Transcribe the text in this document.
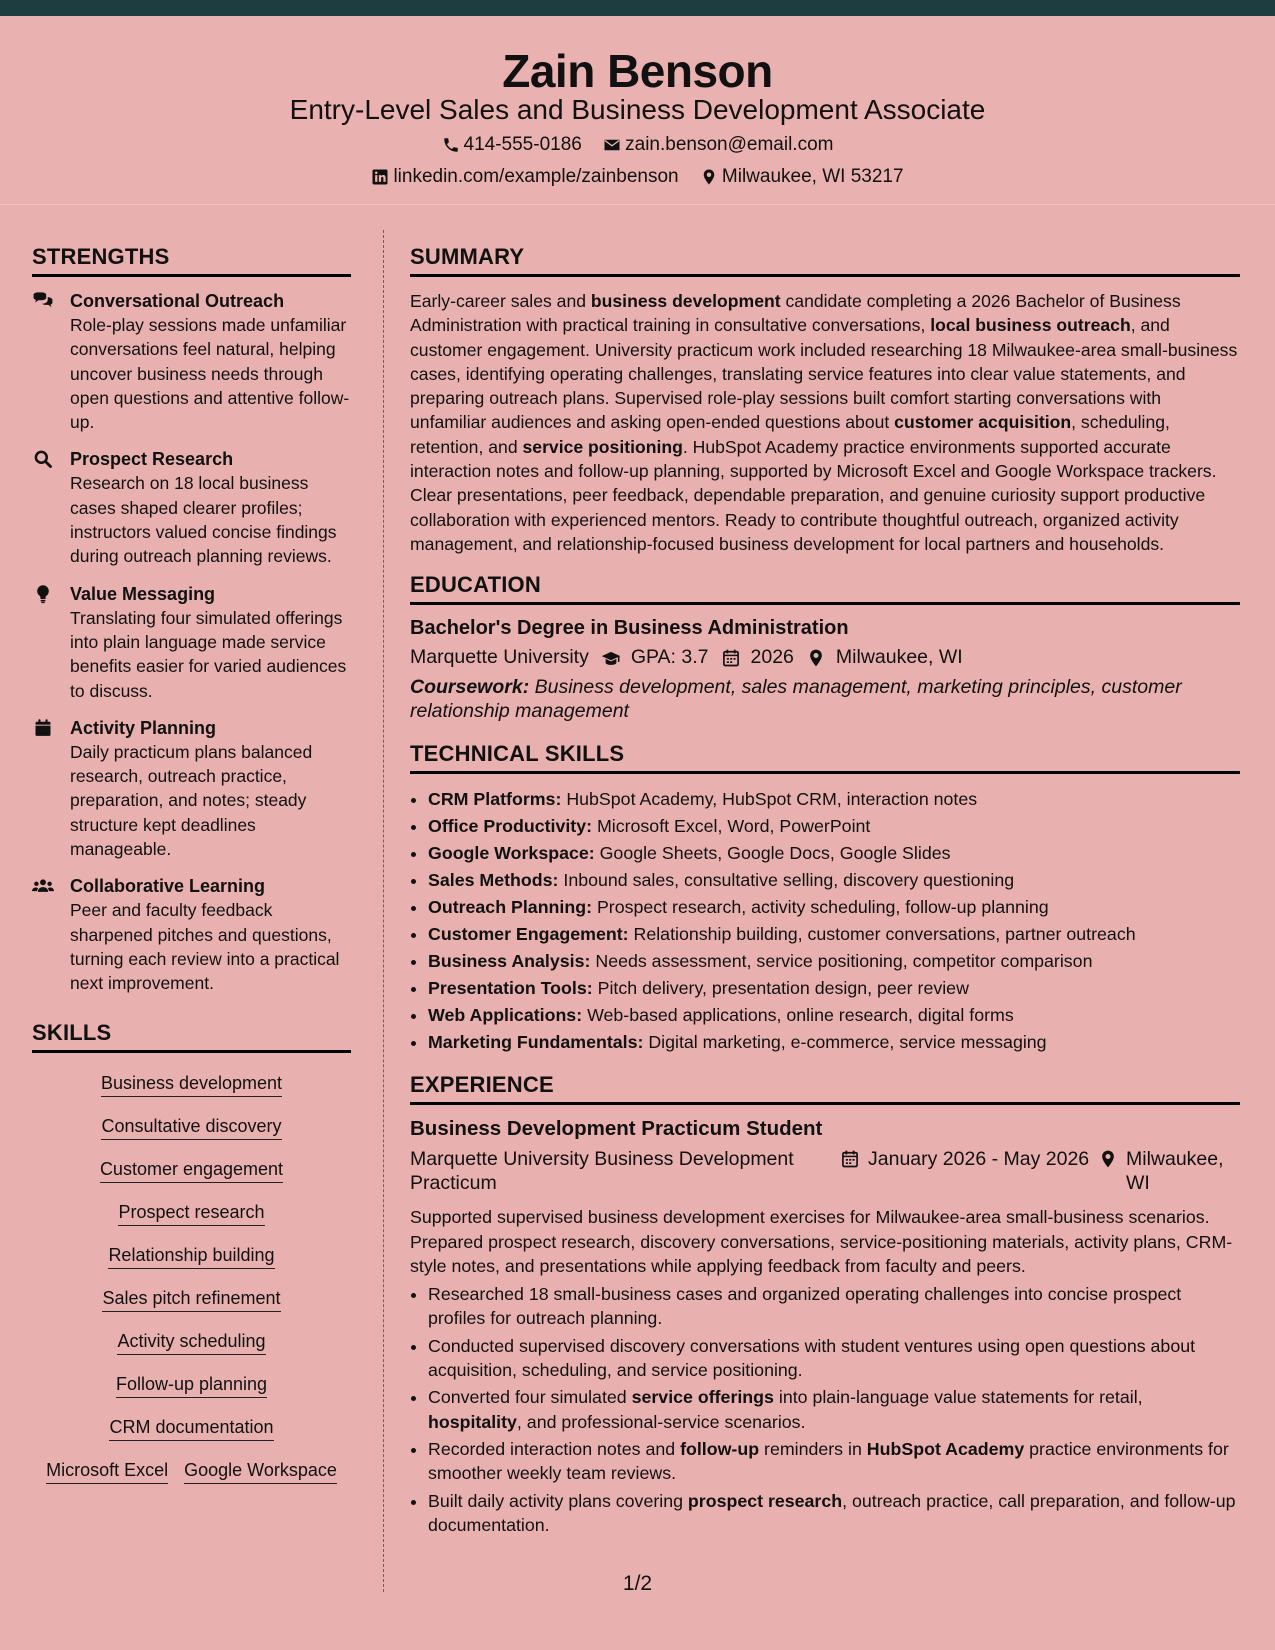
Zain Benson
Entry-Level Sales and Business Development Associate
414-555-0186
zain.benson@email.com
linkedin.com/example/zainbenson
Milwaukee, WI 53217
STRENGTHS
Conversational Outreach
Role-play sessions made unfamiliar conversations feel natural, helping uncover business needs through open questions and attentive follow-up.
Prospect Research
Research on 18 local business cases shaped clearer profiles; instructors valued concise findings during outreach planning reviews.
Value Messaging
Translating four simulated offerings into plain language made service benefits easier for varied audiences to discuss.
Activity Planning
Daily practicum plans balanced research, outreach practice, preparation, and notes; steady structure kept deadlines manageable.
Collaborative Learning
Peer and faculty feedback sharpened pitches and questions, turning each review into a practical next improvement.
SKILLS
Business development
Consultative discovery
Customer engagement
Prospect research
Relationship building
Sales pitch refinement
Activity scheduling
Follow-up planning
CRM documentation
Microsoft Excel Google Workspace
SUMMARY
Early-career sales and business development candidate completing a 2026 Bachelor of Business Administration with practical training in consultative conversations, local business outreach, and customer engagement. University practicum work included researching 18 Milwaukee-area small-business cases, identifying operating challenges, translating service features into clear value statements, and preparing outreach plans. Supervised role-play sessions built comfort starting conversations with unfamiliar audiences and asking open-ended questions about customer acquisition, scheduling, retention, and service positioning. HubSpot Academy practice environments supported accurate interaction notes and follow-up planning, supported by Microsoft Excel and Google Workspace trackers. Clear presentations, peer feedback, dependable preparation, and genuine curiosity support productive collaboration with experienced mentors. Ready to contribute thoughtful outreach, organized activity management, and relationship-focused business development for local partners and households.
EDUCATION
Bachelor's Degree in Business Administration
Marquette University GPA: 3.7 2026 Milwaukee, WI
Coursework: Business development, sales management, marketing principles, customer relationship management
TECHNICAL SKILLS
• CRM Platforms: HubSpot Academy, HubSpot CRM, interaction notes
• Office Productivity: Microsoft Excel, Word, PowerPoint
• Google Workspace: Google Sheets, Google Docs, Google Slides
• Sales Methods: Inbound sales, consultative selling, discovery questioning
• Outreach Planning: Prospect research, activity scheduling, follow-up planning
• Customer Engagement: Relationship building, customer conversations, partner outreach
• Business Analysis: Needs assessment, service positioning, competitor comparison
• Presentation Tools: Pitch delivery, presentation design, peer review
• Web Applications: Web-based applications, online research, digital forms
• Marketing Fundamentals: Digital marketing, e-commerce, service messaging
EXPERIENCE
Business Development Practicum Student
Marquette University Business Development Practicum
January 2026 - May 2026 Milwaukee, WI
Supported supervised business development exercises for Milwaukee-area small-business scenarios. Prepared prospect research, discovery conversations, service-positioning materials, activity plans, CRM-style notes, and presentations while applying feedback from faculty and peers.
• Researched 18 small-business cases and organized operating challenges into concise prospect profiles for outreach planning.
• Conducted supervised discovery conversations with student ventures using open questions about acquisition, scheduling, and service positioning.
• Converted four simulated service offerings into plain-language value statements for retail, hospitality, and professional-service scenarios.
• Recorded interaction notes and follow-up reminders in HubSpot Academy practice environments for smoother weekly team reviews.
• Built daily activity plans covering prospect research, outreach practice, call preparation, and follow-up documentation.
1/2
